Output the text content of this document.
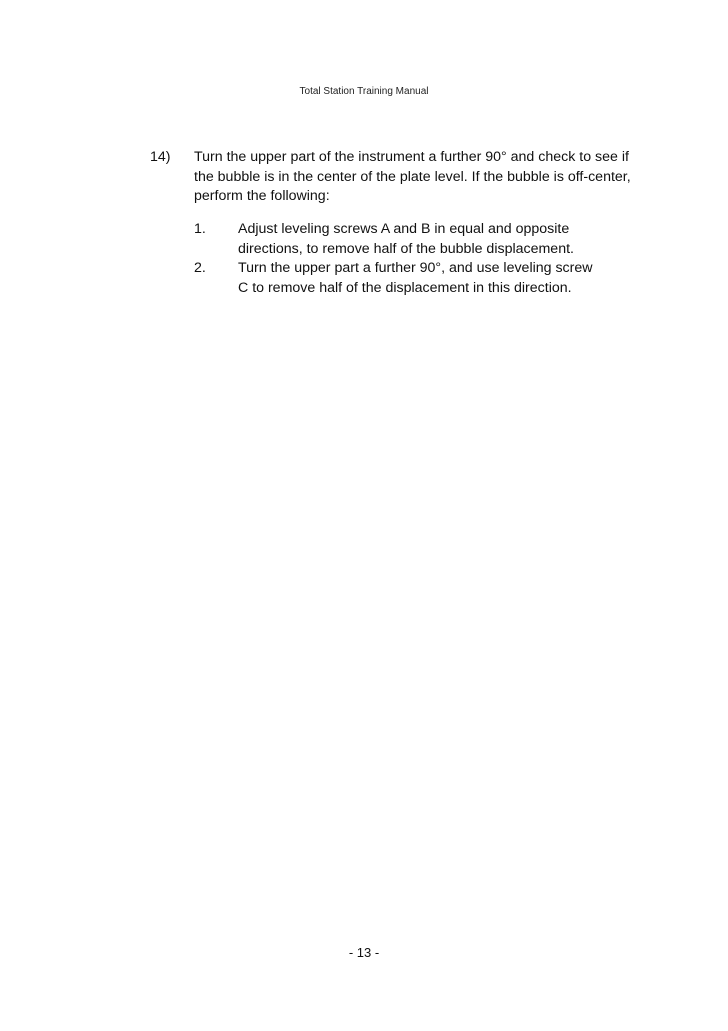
Total Station Training Manual
14) Turn the upper part of the instrument a further 90° and check to see if the bubble is in the center of the plate level. If the bubble is off-center, perform the following:

1. Adjust leveling screws A and B in equal and opposite directions, to remove half of the bubble displacement.

2. Turn the upper part a further 90°, and use leveling screw C to remove half of the displacement in this direction.

- 13 -
